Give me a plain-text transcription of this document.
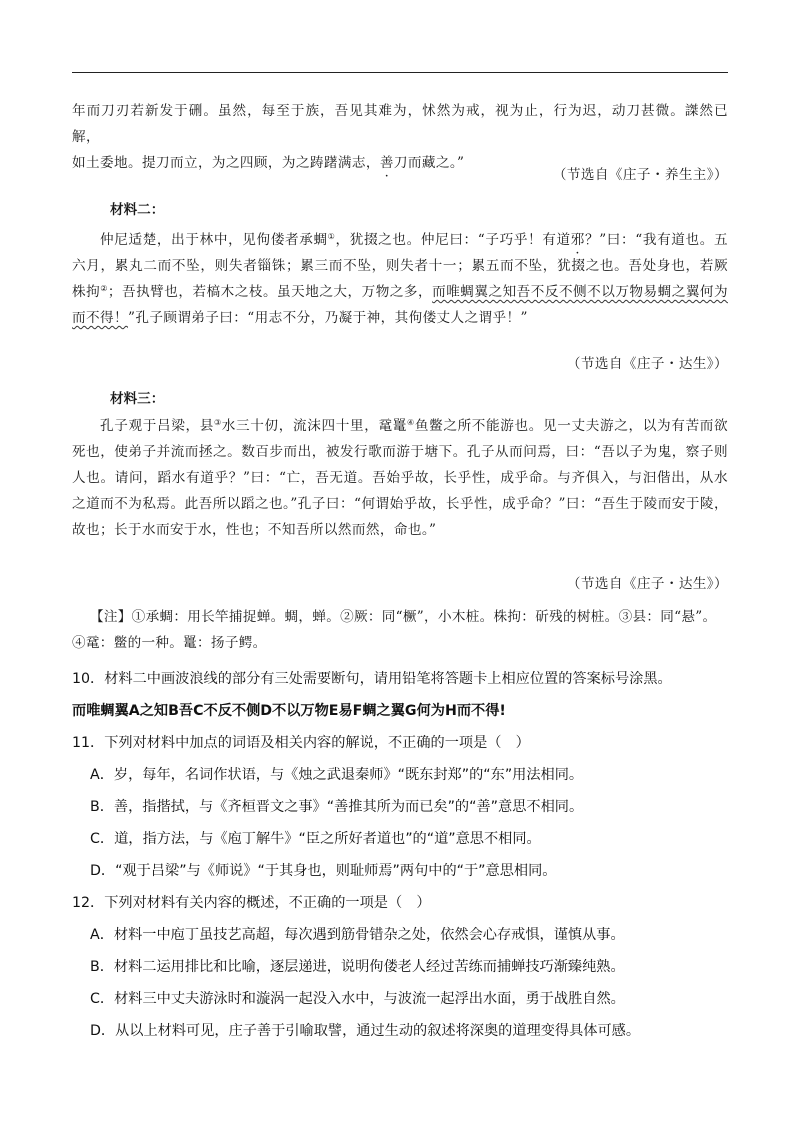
年而刀刃若新发于硎。虽然，每至于族，吾见其难为，怵然为戒，视为止，行为迟，动刀甚微。謋然已解，
如土委地。提刀而立，为之四顾，为之踌躇满志，善刀而藏之。”
（节选自《庄子・养生主》）
材料二：
仲尼适楚，出于林中，见佝偻者承蜩①，犹掇之也。仲尼曰：“子巧乎！有道邪？”曰：“我有道也。五六月，累丸二而不坠，则失者锱铢；累三而不坠，则失者十一；累五而不坠，犹掇之也。吾处身也，若厥株拘②；吾执臂也，若槁木之枝。虽天地之大，万物之多，而唯蜩翼之知吾不反不侧不以万物易蜩之翼何为而不得！”孔子顾谓弟子曰：“用志不分，乃凝于神，其佝偻丈人之谓乎！”
（节选自《庄子・达生》）
材料三：
孔子观于吕梁，县③水三十仞，流沫四十里，鼋鼍④鱼鳖之所不能游也。见一丈夫游之，以为有苦而欲死也，使弟子并流而拯之。数百步而出，被发行歌而游于塘下。孔子从而问焉，曰：“吾以子为鬼，察子则人也。请问，蹈水有道乎？”曰：“亡，吾无道。吾始乎故，长乎性，成乎命。与齐俱入，与汩偕出，从水之道而不为私焉。此吾所以蹈之也。”孔子曰：“何谓始乎故，长乎性，成乎命？”曰：“吾生于陵而安于陵，故也；长于水而安于水，性也；不知吾所以然而然，命也。”
（节选自《庄子・达生》）
【注】①承蜩：用长竿捕捉蝉。蜩，蝉。②厥：同“橛”，小木桩。株拘：斫残的树桩。③县：同“悬”。
④鼋：鳖的一种。鼍：扬子鳄。
10．材料二中画波浪线的部分有三处需要断句，请用铅笔将答题卡上相应位置的答案标号涂黑。
而唯蜩翼A之知B吾C不反不侧D不以万物E易F蜩之翼G何为H而不得!
11．下列对材料中加点的词语及相关内容的解说，不正确的一项是（　）
A．岁，每年，名词作状语，与《烛之武退秦师》“既东封郑”的“东”用法相同。
B．善，指揩拭，与《齐桓晋文之事》“善推其所为而已矣”的“善”意思不相同。
C．道，指方法，与《庖丁解牛》“臣之所好者道也”的“道”意思不相同。
D．“观于吕梁”与《师说》“于其身也，则耻师焉”两句中的“于”意思相同。
12．下列对材料有关内容的概述，不正确的一项是（　）
A．材料一中庖丁虽技艺高超，每次遇到筋骨错杂之处，依然会心存戒惧，谨慎从事。
B．材料二运用排比和比喻，逐层递进，说明佝偻老人经过苦练而捕蝉技巧渐臻纯熟。
C．材料三中丈夫游泳时和漩涡一起没入水中，与波流一起浮出水面，勇于战胜自然。
D．从以上材料可见，庄子善于引喻取譬，通过生动的叙述将深奥的道理变得具体可感。
